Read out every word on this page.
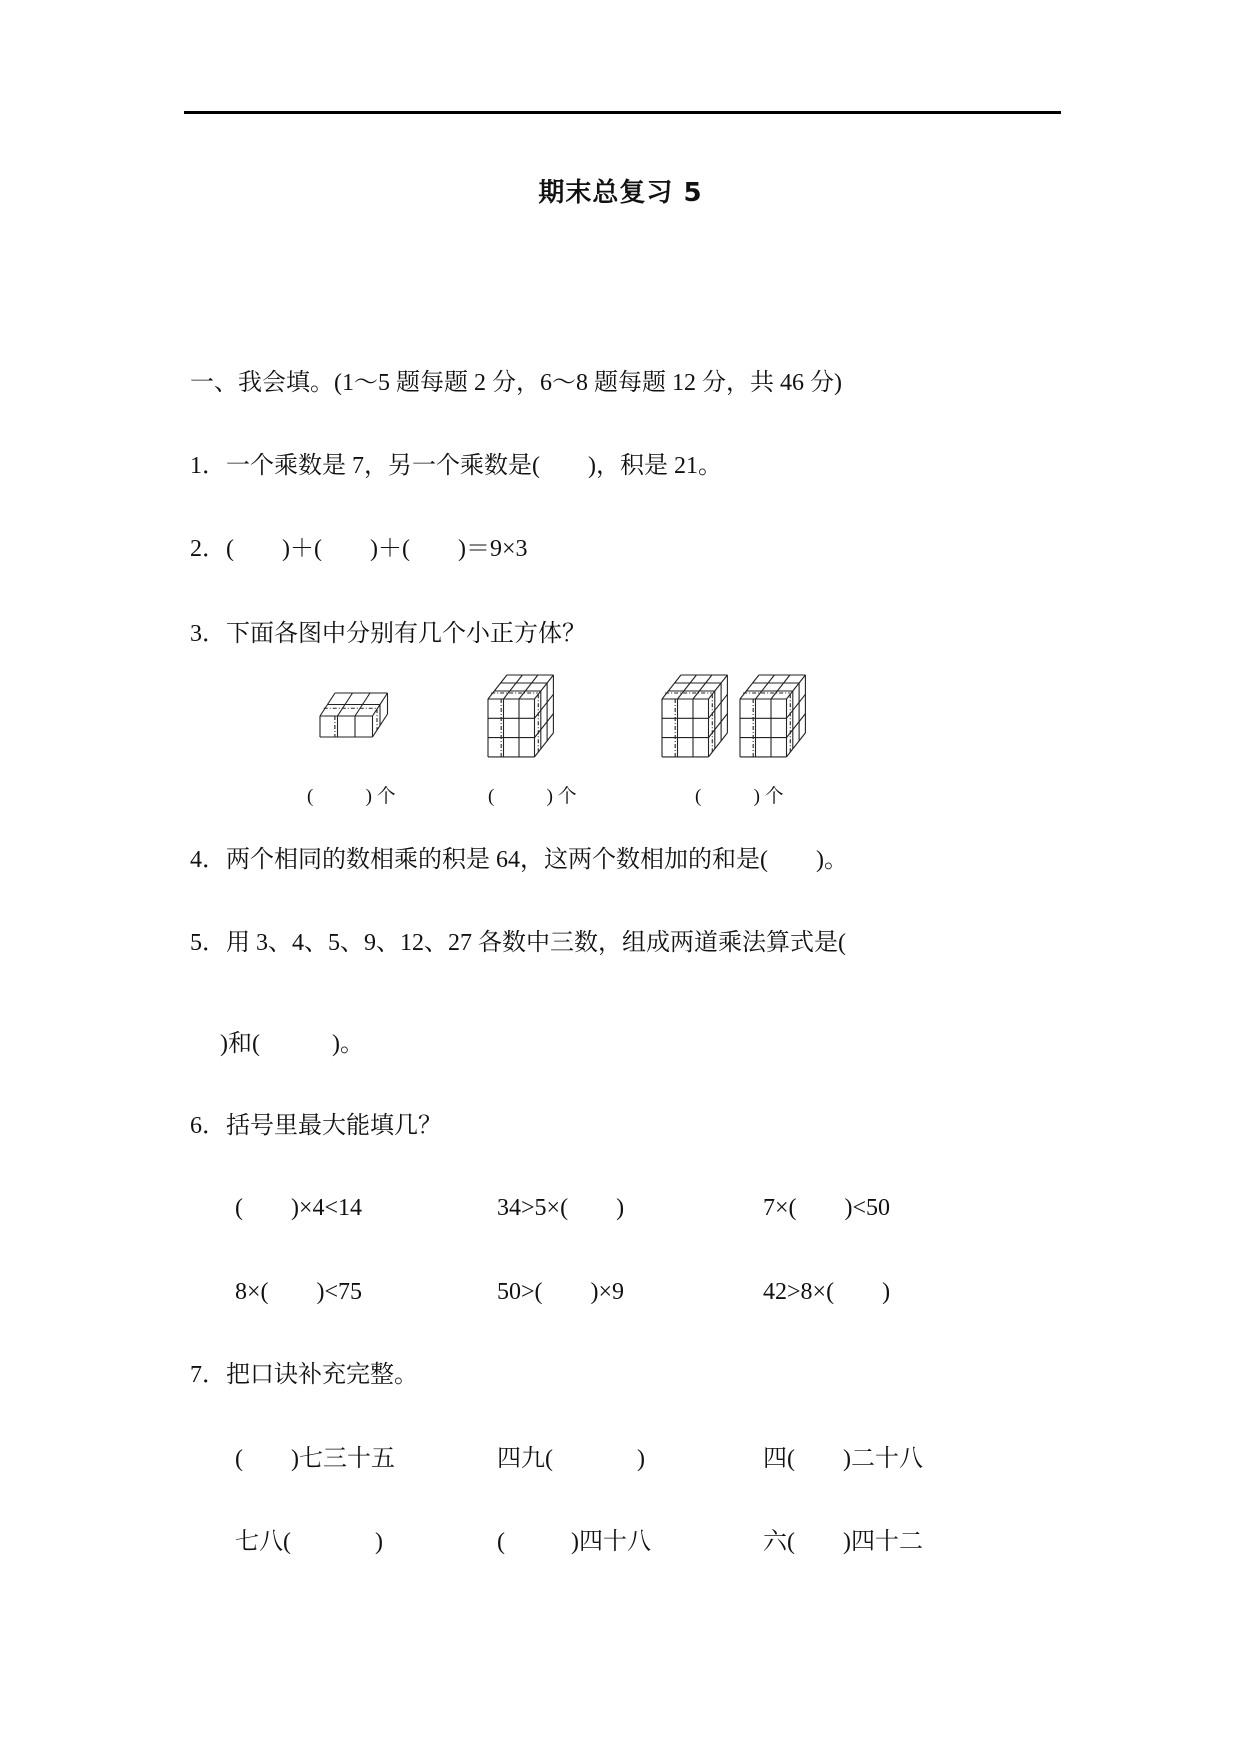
期末总复习 5
一、我会填。(1～5 题每题 2 分，6～8 题每题 12 分，共 46 分)
1．一个乘数是 7，另一个乘数是(        )，积是 21。
2．(        )＋(        )＋(        )＝9×3
3．下面各图中分别有几个小正方体？
(           ) 个	(           ) 个	(           ) 个
4．两个相同的数相乘的积是 64，这两个数相加的和是(        )。
5．用 3、4、5、9、12、27 各数中三数，组成两道乘法算式是(
)和(            )。
6．括号里最大能填几？
(        )×4<14	34>5×(        )	7×(        )<50
8×(        )<75	50>(        )×9	42>8×(        )
7．把口诀补充完整。
(        )七三十五	四九(              )	四(        )二十八
七八(              )	(           )四十八	六(        )四十二
